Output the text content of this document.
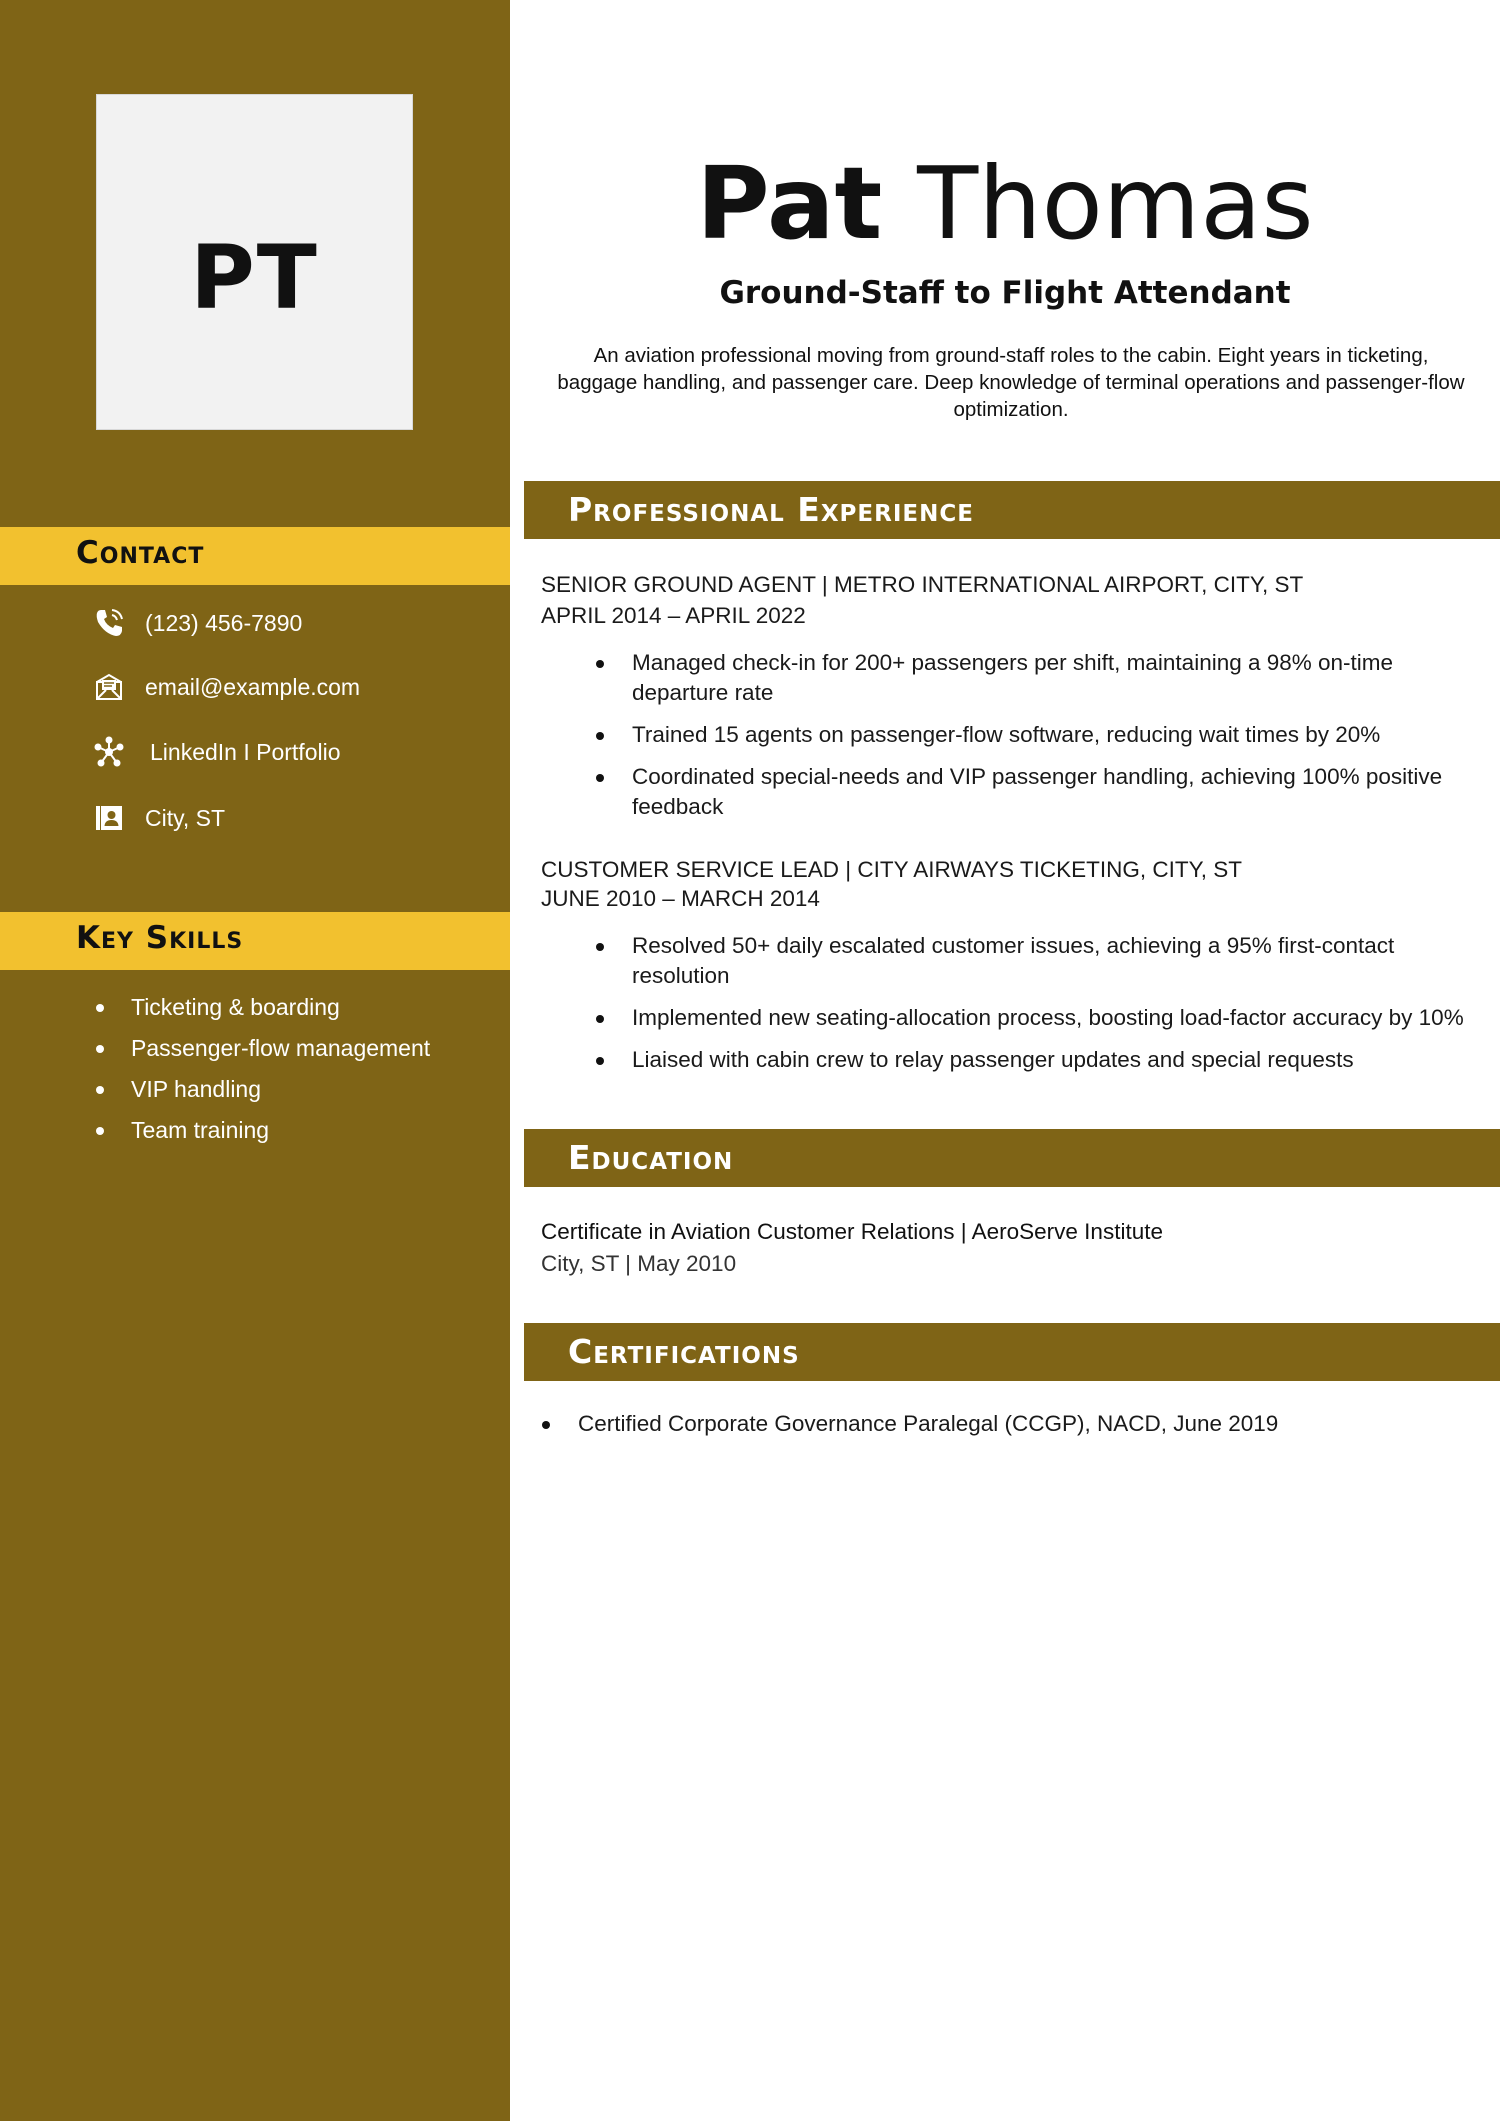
PT
Contact
(123) 456-7890
email@example.com
LinkedIn I Portfolio
City, ST
Key Skills
Ticketing & boarding
Passenger-flow management
VIP handling
Team training
Pat Thomas
Ground-Staff to Flight Attendant

An aviation professional moving from ground-staff roles to the cabin. Eight years in ticketing, baggage handling, and passenger care. Deep knowledge of terminal operations and passenger-flow optimization.

Professional Experience

SENIOR GROUND AGENT | METRO INTERNATIONAL AIRPORT, CITY, ST

APRIL 2014 – APRIL 2022

Managed check-in for 200+ passengers per shift, maintaining a 98% on-time departure rate
Trained 15 agents on passenger-flow software, reducing wait times by 20%
Coordinated special-needs and VIP passenger handling, achieving 100% positive feedback

CUSTOMER SERVICE LEAD | CITY AIRWAYS TICKETING, CITY, ST

JUNE 2010 – MARCH 2014

Resolved 50+ daily escalated customer issues, achieving a 95% first-contact resolution
Implemented new seating-allocation process, boosting load-factor accuracy by 10%
Liaised with cabin crew to relay passenger updates and special requests
Education

Certificate in Aviation Customer Relations | AeroServe Institute

City, ST | May 2010

Certifications
Certified Corporate Governance Paralegal (CCGP), NACD, June 2019
